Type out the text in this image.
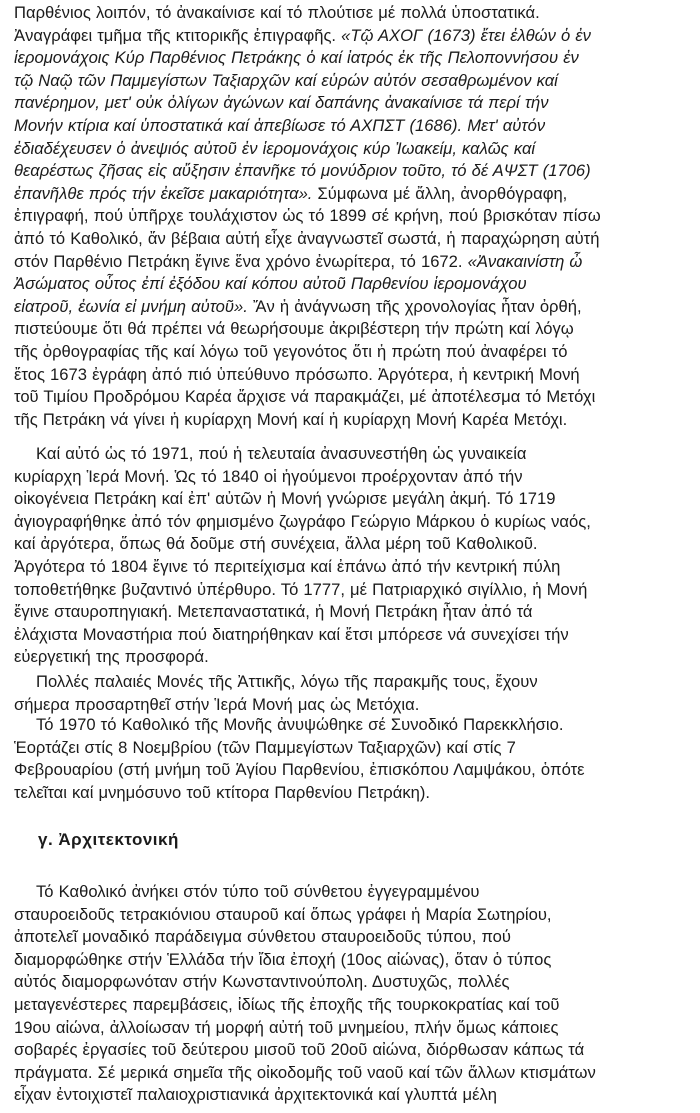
Παρθένιος λοιπόν, τό ἀνακαίνισε καί τό πλούτισε μέ πολλά ὑποστατικά.
Ἀναγράφει τμῆμα τῆς κτιτορικῆς ἐπιγραφῆς. «Τῷ ΑΧΟΓ (1673) ἔτει ἐλθών ὁ ἐν
ἱερομονάχοις Κύρ Παρθένιος Πετράκης ὁ καί ἰατρός ἐκ τῆς Πελοποννήσου ἐν
τῷ Ναῷ τῶν Παμμεγίστων Ταξιαρχῶν καί εὑρών αὐτόν σεσαθρωμένον καί
πανέρημον, μετ' οὐκ ὀλίγων ἀγώνων καί δαπάνης ἀνακαίνισε τά περί τήν
Μονήν κτίρια καί ὑποστατικά καί ἀπεβίωσε τό ΑΧΠΣΤ (1686). Μετ' αὐτόν
ἐδιαδέχευσεν ὁ ἀνεψιός αὐτοῦ ἐν ἱερομονάχοις κύρ Ἰωακείμ, καλῶς καί
θεαρέστως ζῆσας εἰς αὔξησιν ἐπανῆκε τό μονύδριον τοῦτο, τό δέ ΑΨΣΤ (1706)
ἐπανῆλθε πρός τήν ἐκεῖσε μακαριότητα». Σύμφωνα μέ ἄλλη, ἀνορθόγραφη,
ἐπιγραφή, πού ὑπῆρχε τουλάχιστον ὡς τό 1899 σέ κρήνη, πού βρισκόταν πίσω
ἀπό τό Καθολικό, ἄν βέβαια αὐτή εἶχε ἀναγνωστεῖ σωστά, ἡ παραχώρηση αὐτή
στόν Παρθένιο Πετράκη ἔγινε ἕνα χρόνο ἐνωρίτερα, τό 1672. «Ἀνακαινίστη ὦ
Ἀσώματος οὗτος ἐπί ἐξόδου καί κόπου αὐτοῦ Παρθενίου ἱερομονάχου
εἰατροῦ, ἐωνία εἰ μνήμη αὐτοῦ». Ἄν ἡ ἀνάγνωση τῆς χρονολογίας ἦταν ὀρθή,
πιστεύουμε ὅτι θά πρέπει νά θεωρήσουμε ἀκριβέστερη τήν πρώτη καί λόγῳ
τῆς ὀρθογραφίας τῆς καί λόγω τοῦ γεγονότος ὅτι ἡ πρώτη πού ἀναφέρει τό
ἔτος 1673 ἐγράφη ἀπό πιό ὑπεύθυνο πρόσωπο. Ἀργότερα, ἡ κεντρική Μονή
τοῦ Τιμίου Προδρόμου Καρέα ἄρχισε νά παρακμάζει, μέ ἀποτέλεσμα τό Μετόχι
τῆς Πετράκη νά γίνει ἡ κυρίαρχη Μονή καί ἡ κυρίαρχη Μονή Καρέα Μετόχι.
Καί αὐτό ὡς τό 1971, πού ἡ τελευταία ἀνασυνεστήθη ὡς γυναικεία
κυρίαρχη Ἱερά Μονή. Ὡς τό 1840 οἱ ἡγούμενοι προέρχονταν ἀπό τήν
οἰκογένεια Πετράκη καί ἐπ' αὐτῶν ἡ Μονή γνώρισε μεγάλη ἀκμή. Τό 1719
ἁγιογραφήθηκε ἀπό τόν φημισμένο ζωγράφο Γεώργιο Μάρκου ὁ κυρίως ναός,
καί ἀργότερα, ὅπως θά δοῦμε στή συνέχεια, ἄλλα μέρη τοῦ Καθολικοῦ.
Ἀργότερα τό 1804 ἔγινε τό περιτείχισμα καί ἐπάνω ἀπό τήν κεντρική πύλη
τοποθετήθηκε βυζαντινό ὑπέρθυρο. Τό 1777, μέ Πατριαρχικό σιγίλλιο, ἡ Μονή
ἔγινε σταυροπηγιακή. Μετεπαναστατικά, ἡ Μονή Πετράκη ἦταν ἀπό τά
ἐλάχιστα Μοναστήρια πού διατηρήθηκαν καί ἔτσι μπόρεσε νά συνεχίσει τήν
εὐεργετική της προσφορά.
Πολλές παλαιές Μονές τῆς Ἀττικῆς, λόγω τῆς παρακμῆς τους, ἔχουν
σήμερα προσαρτηθεῖ στήν Ἱερά Μονή μας ὡς Μετόχια.
Τό 1970 τό Καθολικό τῆς Μονῆς ἀνυψώθηκε σέ Συνοδικό Παρεκκλήσιο.
Ἑορτάζει στίς 8 Νοεμβρίου (τῶν Παμμεγίστων Ταξιαρχῶν) καί στίς 7
Φεβρουαρίου (στή μνήμη τοῦ Ἁγίου Παρθενίου, ἐπισκόπου Λαμψάκου, ὁπότε
τελεῖται καί μνημόσυνο τοῦ κτίτορα Παρθενίου Πετράκη).
γ. Ἀρχιτεκτονική
Τό Καθολικό ἀνήκει στόν τύπο τοῦ σύνθετου ἐγγεγραμμένου
σταυροειδοῦς τετρακιόνιου σταυροῦ καί ὅπως γράφει ἡ Μαρία Σωτηρίου,
ἀποτελεῖ μοναδικό παράδειγμα σύνθετου σταυροειδοῦς τύπου, πού
διαμορφώθηκε στήν Ἑλλάδα τήν ἴδια ἐποχή (10ος αἰώνας), ὅταν ὁ τύπος
αὐτός διαμορφωνόταν στήν Κωνσταντινούπολη. Δυστυχῶς, πολλές
μεταγενέστερες παρεμβάσεις, ἰδίως τῆς ἐποχῆς τῆς τουρκοκρατίας καί τοῦ
19ου αἰώνα, ἀλλοίωσαν τή μορφή αὐτή τοῦ μνημείου, πλήν ὅμως κάποιες
σοβαρές ἐργασίες τοῦ δεύτερου μισοῦ τοῦ 20οῦ αἰώνα, διόρθωσαν κάπως τά
πράγματα. Σέ μερικά σημεῖα τῆς οἰκοδομῆς τοῦ ναοῦ καί τῶν ἄλλων κτισμάτων
εἶχαν ἐντοιχιστεῖ παλαιοχριστιανικά ἀρχιτεκτονικά καί γλυπτά μέλη
